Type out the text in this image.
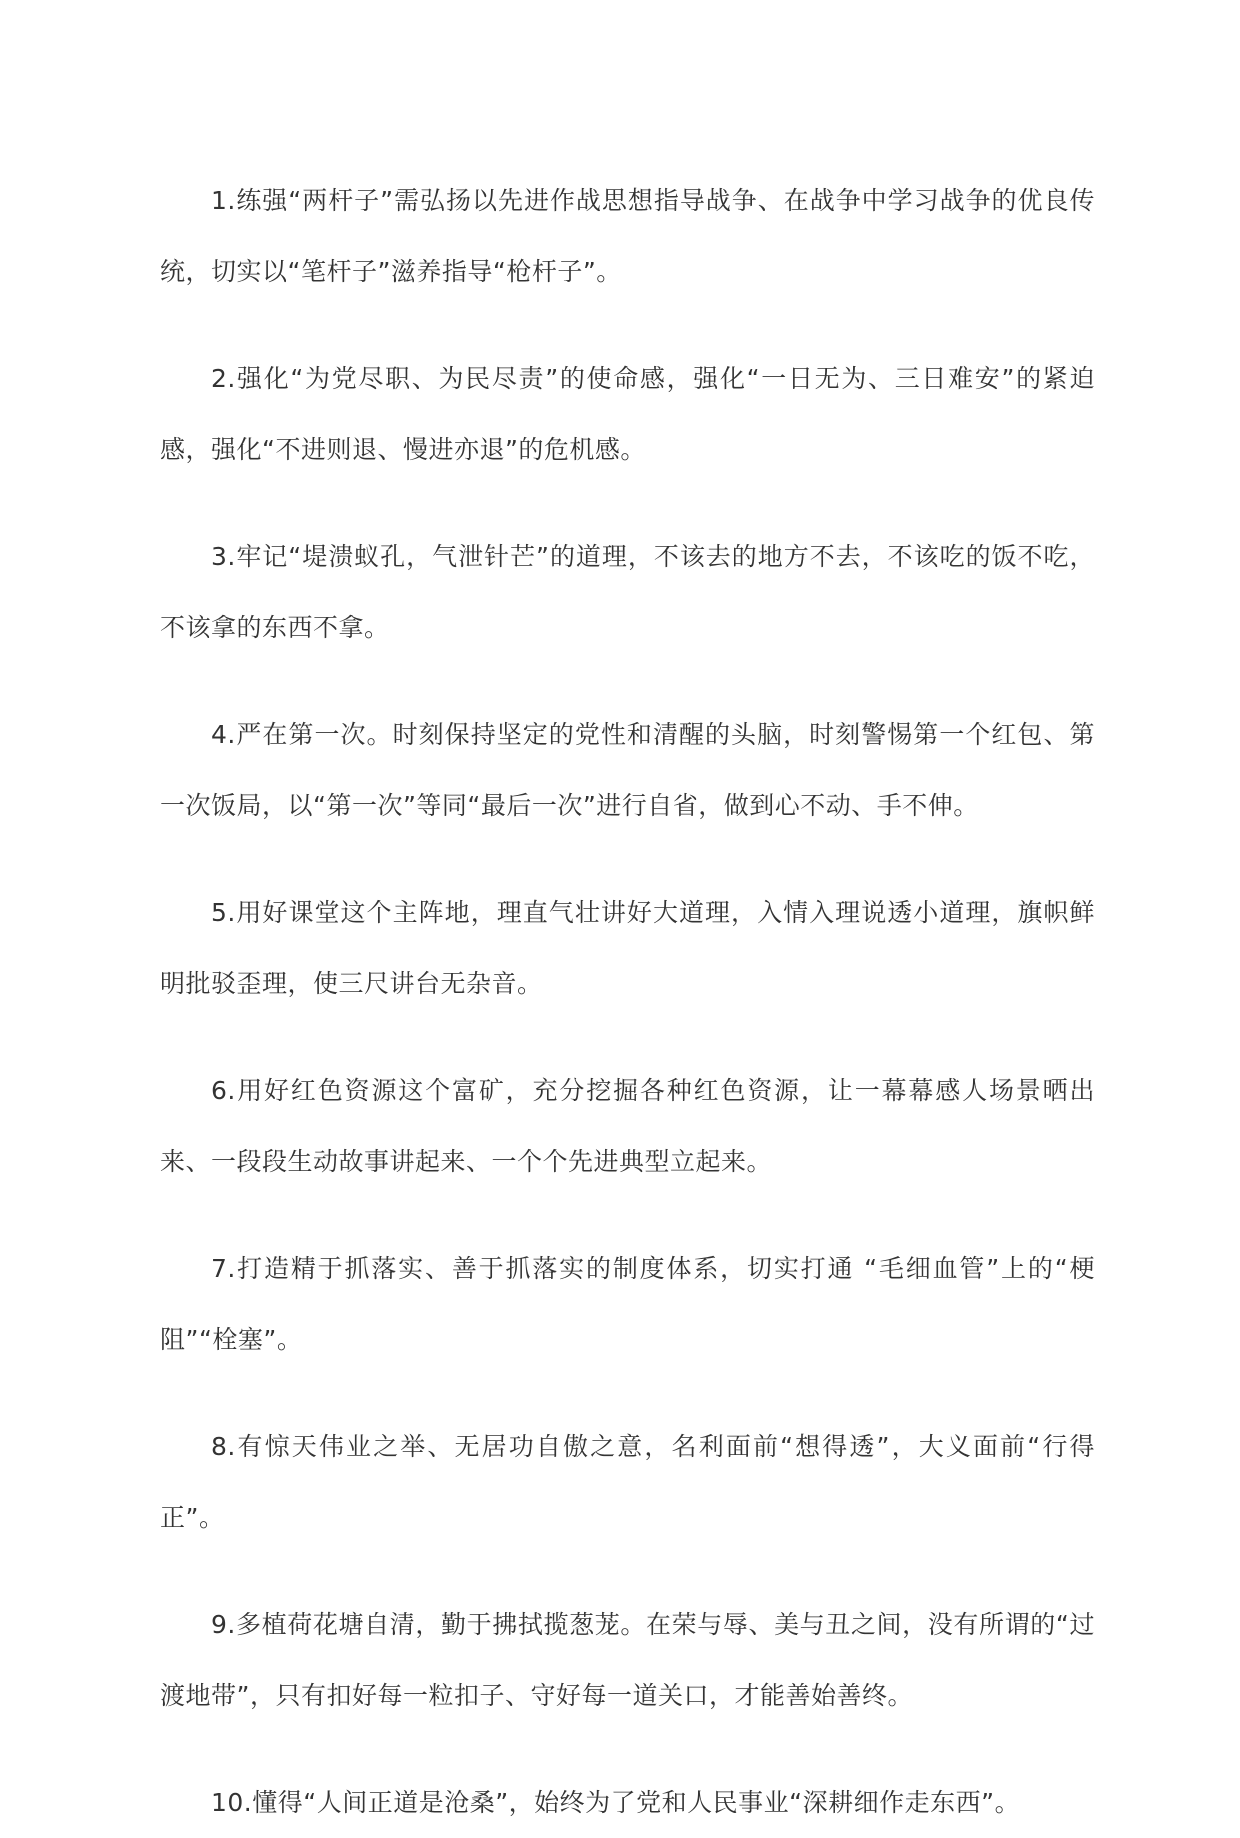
1.练强“两杆子”需弘扬以先进作战思想指导战争、在战争中学习战争的优良传统，切实以“笔杆子”滋养指导“枪杆子”。

2.强化“为党尽职、为民尽责”的使命感，强化“一日无为、三日难安”的紧迫感，强化“不进则退、慢进亦退”的危机感。

3.牢记“堤溃蚁孔，气泄针芒”的道理，不该去的地方不去，不该吃的饭不吃，不该拿的东西不拿。

4.严在第一次。时刻保持坚定的党性和清醒的头脑，时刻警惕第一个红包、第一次饭局，以“第一次”等同“最后一次”进行自省，做到心不动、手不伸。

5.用好课堂这个主阵地，理直气壮讲好大道理，入情入理说透小道理，旗帜鲜明批驳歪理，使三尺讲台无杂音。

6.用好红色资源这个富矿，充分挖掘各种红色资源，让一幕幕感人场景晒出来、一段段生动故事讲起来、一个个先进典型立起来。

7.打造精于抓落实、善于抓落实的制度体系，切实打通 “毛细血管”上的“梗阻”“栓塞”。

8.有惊天伟业之举、无居功自傲之意，名利面前“想得透”，大义面前“行得正”。

9.多植荷花塘自清，勤于拂拭揽葱茏。在荣与辱、美与丑之间，没有所谓的“过渡地带”，只有扣好每一粒扣子、守好每一道关口，才能善始善终。

10.懂得“人间正道是沧桑”，始终为了党和人民事业“深耕细作走东西”。
